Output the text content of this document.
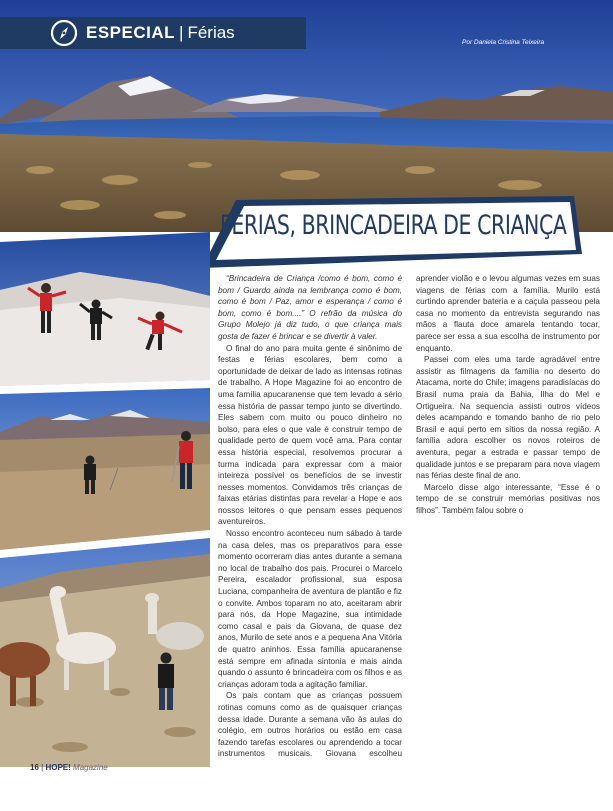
ESPECIAL | Férias
Por Daniela Cristina Teixeira
FÉRIAS, BRINCADEIRA DE CRIANÇA

“Brincadeira de Criança /como é bom, como é bom / Guardo ainda na lembrança como é bom, como é bom / Paz, amor e esperança / como é bom, como é bom....” O refrão da música do Grupo Molejo já diz tudo, o que criança mais gosta de fazer é brincar e se divertir à valer.

O final do ano para muita gente é sinônimo de festas e férias escolares, bem como a oportunidade de deixar de lado as intensas rotinas de trabalho. A Hope Magazine foi ao encontro de uma família apucaranense que tem levado a sério essa história de passar tempo junto se divertindo. Eles sabem com muito ou pouco dinheiro no bolso, para eles o que vale é construir tempo de qualidade perto de quem você ama. Para contar essa história especial, resolvemos procurar a turma indicada para expressar com a maior inteireza possível os benefícios de se investir nesses momentos. Convidamos três crianças de faixas etárias distintas para revelar a Hope e aos nossos leitores o que pensam esses pequenos aventureiros.

Nosso encontro aconteceu num sábado à tarde na casa deles, mas os preparativos para esse momento ocorreram dias antes durante a semana no local de trabalho dos pais. Procurei o Marcelo Pereira, escalador profissional, sua esposa Luciana, companheira de aventura de plantão e fiz o convite. Ambos toparam no ato, aceitaram abrir para nós, da Hope Magazine, sua intimidade como casal e pais da Giovana, de quase dez anos, Murilo de sete anos e a pequena Ana Vitória de quatro aninhos. Essa família apucaranense está sempre em afinada sintonia e mais ainda quando o assunto é brincadeira com os filhos e as crianças adoram toda a agitação familiar.

Os pais contam que as crianças possuem rotinas comuns como as de quaisquer crianças dessa idade. Durante a semana vão às aulas do colégio, em outros horários ou estão em casa fazendo tarefas escolares ou aprendendo a tocar instrumentos musicais. Giovana escolheu aprender violão e o levou algumas vezes em suas viagens de férias com a família. Murilo está curtindo aprender bateria e a caçula passeou pela casa no momento da entrevista segurando nas mãos a flauta doce amarela tentando tocar, parece ser essa a sua escolha de instrumento por enquanto.

Passei com eles uma tarde agradável entre assistir as filmagens da família no deserto do Atacama, norte do Chile; imagens paradisíacas do Brasil numa praia da Bahia, Ilha do Mel e Ortigueira. Na sequencia assisti outros vídeos deles acampando e tomando banho de rio pelo Brasil e aqui perto em sítios da nossa região. A família adora escolher os novos roteiros de aventura, pegar a estrada e passar tempo de qualidade juntos e se preparam para nova viagem nas férias deste final de ano.

Marcelo disse algo interessante, “Esse é o tempo de se construir memórias positivas nos filhos”. Também falou sobre o

16 | HOPE! Magazine
